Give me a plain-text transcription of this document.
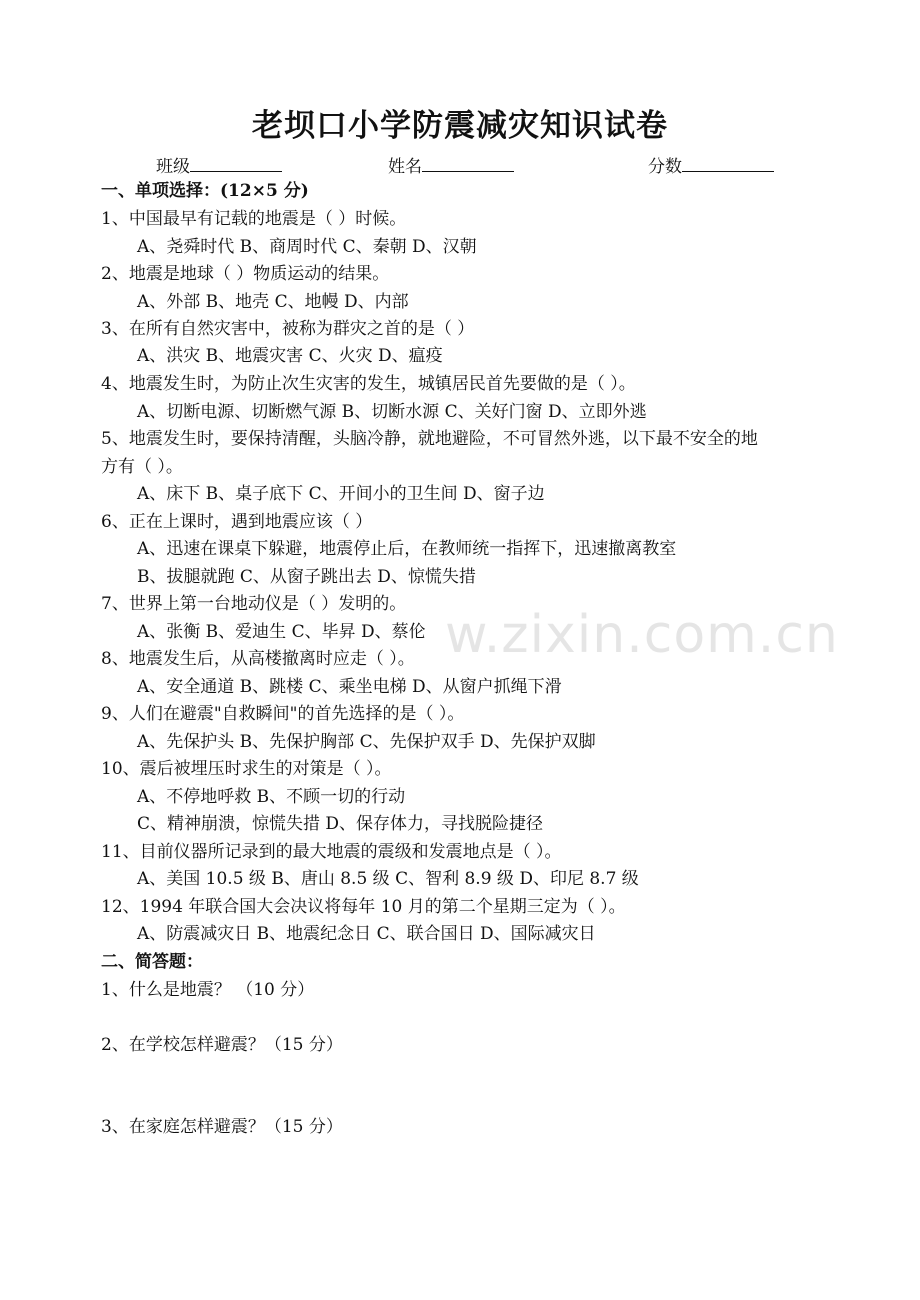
老坝口小学防震减灾知识试卷
班级	姓名	分数
一、单项选择：(12×5 分)
1、中国最早有记载的地震是（ ）时候。
A、尧舜时代 B、商周时代 C、秦朝 D、汉朝
2、地震是地球（ ）物质运动的结果。
A、外部 B、地壳 C、地幔 D、内部
3、在所有自然灾害中，被称为群灾之首的是（ ）
A、洪灾 B、地震灾害 C、火灾 D、瘟疫
4、地震发生时，为防止次生灾害的发生，城镇居民首先要做的是（ ）。
A、切断电源、切断燃气源 B、切断水源 C、关好门窗 D、立即外逃
5、地震发生时，要保持清醒，头脑冷静，就地避险，不可冒然外逃，以下最不安全的地
方有（ ）。
A、床下 B、桌子底下 C、开间小的卫生间 D、窗子边
6、正在上课时，遇到地震应该（ ）
A、迅速在课桌下躲避，地震停止后，在教师统一指挥下，迅速撤离教室
B、拔腿就跑 C、从窗子跳出去 D、惊慌失措
7、世界上第一台地动仪是（ ）发明的。
A、张衡 B、爱迪生 C、毕昇 D、蔡伦
8、地震发生后，从高楼撤离时应走（ ）。
A、安全通道 B、跳楼 C、乘坐电梯 D、从窗户抓绳下滑
9、人们在避震"自救瞬间"的首先选择的是（ ）。
A、先保护头 B、先保护胸部 C、先保护双手 D、先保护双脚
10、震后被埋压时求生的对策是（ ）。
A、不停地呼救 B、不顾一切的行动
C、精神崩溃，惊慌失措 D、保存体力，寻找脱险捷径
11、目前仪器所记录到的最大地震的震级和发震地点是（ ）。
A、美国 10.5 级 B、唐山 8.5 级 C、智利 8.9 级 D、印尼 8.7 级
12、1994 年联合国大会决议将每年 10 月的第二个星期三定为（ ）。
A、防震减灾日 B、地震纪念日 C、联合国日 D、国际减灾日
二、简答题：
1、什么是地震？ （10 分）
2、在学校怎样避震？（15 分）
3、在家庭怎样避震？（15 分）
w.zixin.com.cn
